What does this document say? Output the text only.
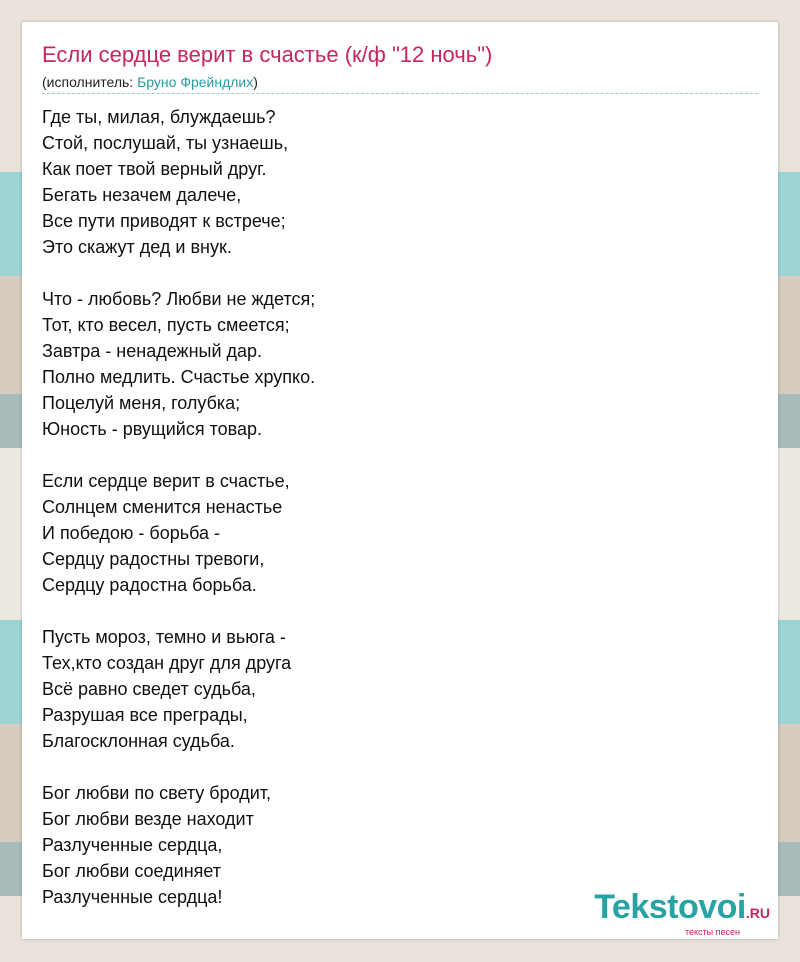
Если сердце верит в счастье (к/ф "12 ночь")
(исполнитель: Бруно Фрейндлих)
Где ты, милая, блуждаешь?
Стой, послушай, ты узнаешь,
Как поет твой верный друг.
Бегать незачем далече,
Все пути приводят к встрече;
Это скажут дед и внук.
Что - любовь? Любви не ждется;
Тот, кто весел, пусть смеется;
Завтра - ненадежный дар.
Полно медлить. Счастье хрупко.
Поцелуй меня, голубка;
Юность - рвущийся товар.
Если сердце верит в счастье,
Солнцем сменится ненастье
И победою - борьба -
Сердцу радостны тревоги,
Сердцу радостна борьба.
Пусть мороз, темно и вьюга -
Тех,кто создан друг для друга
Всё равно сведет судьба,
Разрушая все преграды,
Благосклонная судьба.
Бог любви по свету бродит,
Бог любви везде находит
Разлученные сердца,
Бог любви соединяет
Разлученные сердца!	Tekstovoi.RU
тексты песен
